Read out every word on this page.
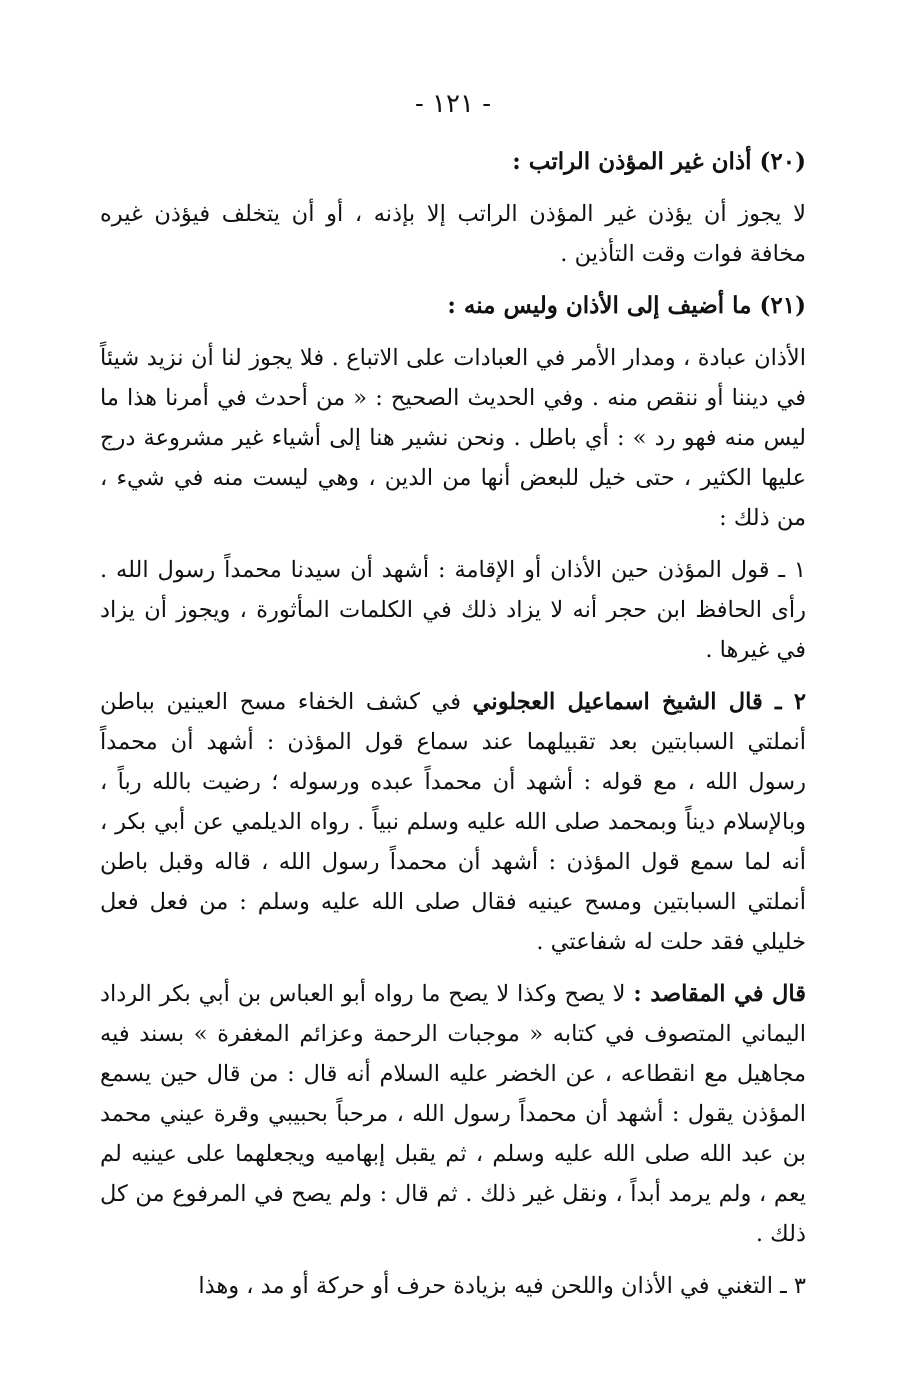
- ١٢١ -
(٢٠) أذان غير المؤذن الراتب :

لا يجوز أن يؤذن غير المؤذن الراتب إلا بإذنه ، أو أن يتخلف فيؤذن غيره مخافة فوات وقت التأذين .

(٢١) ما أضيف إلى الأذان وليس منه :

الأذان عبادة ، ومدار الأمر في العبادات على الاتباع . فلا يجوز لنا أن نزيد شيئاً في ديننا أو ننقص منه . وفي الحديث الصحيح : « من أحدث في أمرنا هذا ما ليس منه فهو رد » : أي باطل . ونحن نشير هنا إلى أشياء غير مشروعة درج عليها الكثير ، حتى خيل للبعض أنها من الدين ، وهي ليست منه في شيء ، من ذلك :

١ ـ قول المؤذن حين الأذان أو الإقامة : أشهد أن سيدنا محمداً رسول الله . رأى الحافظ ابن حجر أنه لا يزاد ذلك في الكلمات المأثورة ، ويجوز أن يزاد في غيرها .

٢ ـ قال الشيخ اسماعيل العجلوني في كشف الخفاء مسح العينين بباطن أنملتي السبابتين بعد تقبيلهما عند سماع قول المؤذن : أشهد أن محمداً رسول الله ، مع قوله : أشهد أن محمداً عبده ورسوله ؛ رضيت بالله رباً ، وبالإسلام ديناً وبمحمد صلى الله عليه وسلم نبياً . رواه الديلمي عن أبي بكر ، أنه لما سمع قول المؤذن : أشهد أن محمداً رسول الله ، قاله وقبل باطن أنملتي السبابتين ومسح عينيه فقال صلى الله عليه وسلم : من فعل فعل خليلي فقد حلت له شفاعتي .

قال في المقاصد : لا يصح وكذا لا يصح ما رواه أبو العباس بن أبي بكر الرداد اليماني المتصوف في كتابه « موجبات الرحمة وعزائم المغفرة » بسند فيه مجاهيل مع انقطاعه ، عن الخضر عليه السلام أنه قال : من قال حين يسمع المؤذن يقول : أشهد أن محمداً رسول الله ، مرحباً بحبيبي وقرة عيني محمد بن عبد الله صلى الله عليه وسلم ، ثم يقبل إبهاميه ويجعلهما على عينيه لم يعم ، ولم يرمد أبداً ، ونقل غير ذلك . ثم قال : ولم يصح في المرفوع من كل ذلك .

٣ ـ التغني في الأذان واللحن فيه بزيادة حرف أو حركة أو مد ، وهذا
